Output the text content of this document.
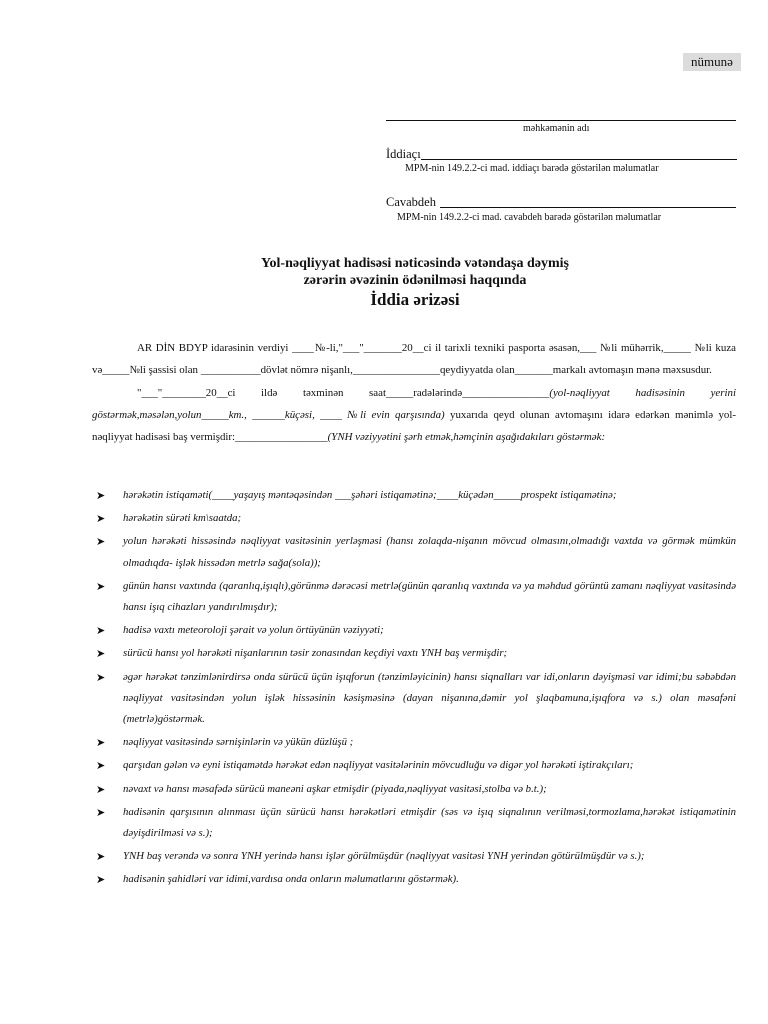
nümunə
məhkəmənin adı
İddiaçı
MPM-nin 149.2.2-ci mad. iddiaçı barədə göstərilən məlumatlar
Cavabdeh
MPM-nin 149.2.2-ci mad. cavabdeh barədə göstərilən məlumatlar
Yol-nəqliyyat hadisəsi nəticəsində vətəndaşa dəymiş
zərərin əvəzinin ödənilməsi haqqında
İddia ərizəsi

AR DİN BDYP idarəsinin verdiyi ____№-li,"___"_______20__ci il tarixli texniki pasporta əsasən,___ №li mühərrik,_____ №li kuza və_____№li şassisi olan ___________dövlət nömrə nişanlı,________________qeydiyyatda olan_______markalı avtomaşın mənə məxsusdur.

"___"________20__ci ildə təxminən saat_____radələrində________________(yol-nəqliyyat hadisəsinin yerini göstərmək,məsələn,yolun_____km., ______küçəsi, ____ №li evin qarşısında) yuxarıda qeyd olunan avtomaşını idarə edərkən mənimlə yol-nəqliyyat hadisəsi baş vermişdir:_________________(YNH vəziyyətini şərh etmək,həmçinin aşağıdakıları göstərmək:

➤ hərəkətin istiqaməti(____yaşayış məntəqəsindən ___şəhəri istiqamətinə;____küçədən_____prospekt istiqamətinə;
➤ hərəkətin sürəti km\saatda;
➤ yolun hərəkəti hissəsində nəqliyyat vasitəsinin yerləşməsi (hansı zolaqda-nişanın mövcud olmasını,olmadığı vaxtda və görmək mümkün olmadıqda- işlək hissədən metrlə sağa(sola));
➤ günün hansı vaxtında (qaranlıq,işıqlı),görünmə dərəcəsi metrlə(günün qaranlıq vaxtında və ya məhdud görüntü zamanı nəqliyyat vasitəsində hansı işıq cihazları yandırılmışdır);
➤ hadisə vaxtı meteoroloji şərait və yolun örtüyünün vəziyyəti;
➤ sürücü hansı yol hərəkəti nişanlarının təsir zonasından keçdiyi vaxtı YNH baş vermişdir;
➤ əgər hərəkət tənzimlənirdirsə onda sürücü üçün işıqforun (tənzimləyicinin) hansı siqnalları var idi,onların dəyişməsi var idimi;bu səbəbdən nəqliyyat vasitəsindən yolun işlək hissəsinin kəsişməsinə (dayan nişanına,dəmir yol şlaqbamuna,işıqfora və s.) olan məsafəni (metrlə)göstərmək.
➤ nəqliyyat vasitəsində sərnişinlərin və yükün düzlüşü ;
➤ qarşıdan gələn və eyni istiqamətdə hərəkət edən nəqliyyat vasitələrinin mövcudluğu və digər yol hərəkəti iştirakçıları;
➤ nəvaxt və hansı məsafədə sürücü maneəni aşkar etmişdir (piyada,nəqliyyat vasitəsi,stolba və b.t.);
➤ hadisənin qarşısının alınması üçün sürücü hansı hərəkətləri etmişdir (səs və işıq siqnalının verilməsi,tormozlama,hərəkət istiqamətinin dəyişdirilməsi və s.);
➤ YNH baş verəndə və sonra YNH yerində hansı işlər görülmüşdür (nəqliyyat vasitəsi YNH yerindən götürülmüşdür və s.);
➤ hadisənin şahidləri var idimi,vardısa onda onların məlumatlarını göstərmək).
